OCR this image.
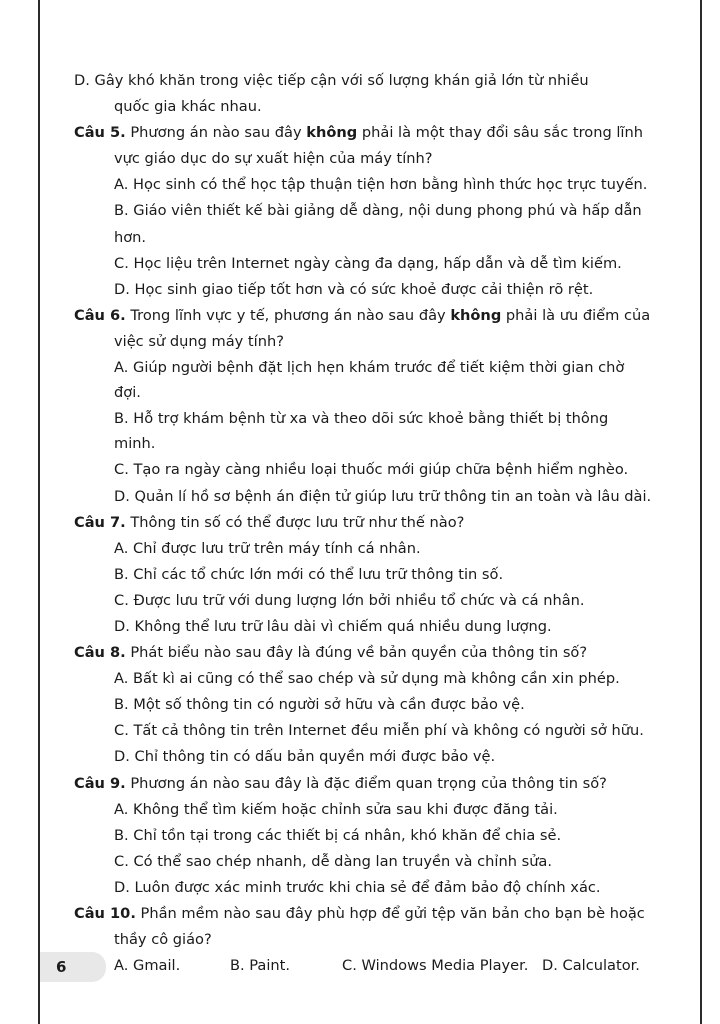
D. Gây khó khăn trong việc tiếp cận với số lượng khán giả lớn từ nhiều
quốc gia khác nhau.
Câu 5. Phương án nào sau đây không phải là một thay đổi sâu sắc trong lĩnh
vực giáo dục do sự xuất hiện của máy tính?
A. Học sinh có thể học tập thuận tiện hơn bằng hình thức học trực tuyến.
B. Giáo viên thiết kế bài giảng dễ dàng, nội dung phong phú và hấp dẫn
hơn.
C. Học liệu trên Internet ngày càng đa dạng, hấp dẫn và dễ tìm kiếm.
D. Học sinh giao tiếp tốt hơn và có sức khoẻ được cải thiện rõ rệt.
Câu 6. Trong lĩnh vực y tế, phương án nào sau đây không phải là ưu điểm của
việc sử dụng máy tính?
A. Giúp người bệnh đặt lịch hẹn khám trước để tiết kiệm thời gian chờ đợi.
B. Hỗ trợ khám bệnh từ xa và theo dõi sức khoẻ bằng thiết bị thông minh.
C. Tạo ra ngày càng nhiều loại thuốc mới giúp chữa bệnh hiểm nghèo.
D. Quản lí hồ sơ bệnh án điện tử giúp lưu trữ thông tin an toàn và lâu dài.
Câu 7. Thông tin số có thể được lưu trữ như thế nào?
A. Chỉ được lưu trữ trên máy tính cá nhân.
B. Chỉ các tổ chức lớn mới có thể lưu trữ thông tin số.
C. Được lưu trữ với dung lượng lớn bởi nhiều tổ chức và cá nhân.
D. Không thể lưu trữ lâu dài vì chiếm quá nhiều dung lượng.
Câu 8. Phát biểu nào sau đây là đúng về bản quyền của thông tin số?
A. Bất kì ai cũng có thể sao chép và sử dụng mà không cần xin phép.
B. Một số thông tin có người sở hữu và cần được bảo vệ.
C. Tất cả thông tin trên Internet đều miễn phí và không có người sở hữu.
D. Chỉ thông tin có dấu bản quyền mới được bảo vệ.
Câu 9. Phương án nào sau đây là đặc điểm quan trọng của thông tin số?
A. Không thể tìm kiếm hoặc chỉnh sửa sau khi được đăng tải.
B. Chỉ tồn tại trong các thiết bị cá nhân, khó khăn để chia sẻ.
C. Có thể sao chép nhanh, dễ dàng lan truyền và chỉnh sửa.
D. Luôn được xác minh trước khi chia sẻ để đảm bảo độ chính xác.
Câu 10. Phần mềm nào sau đây phù hợp để gửi tệp văn bản cho bạn bè hoặc
thầy cô giáo?
A. Gmail.	B. Paint.	C. Windows Media Player. D. Calculator.
6
